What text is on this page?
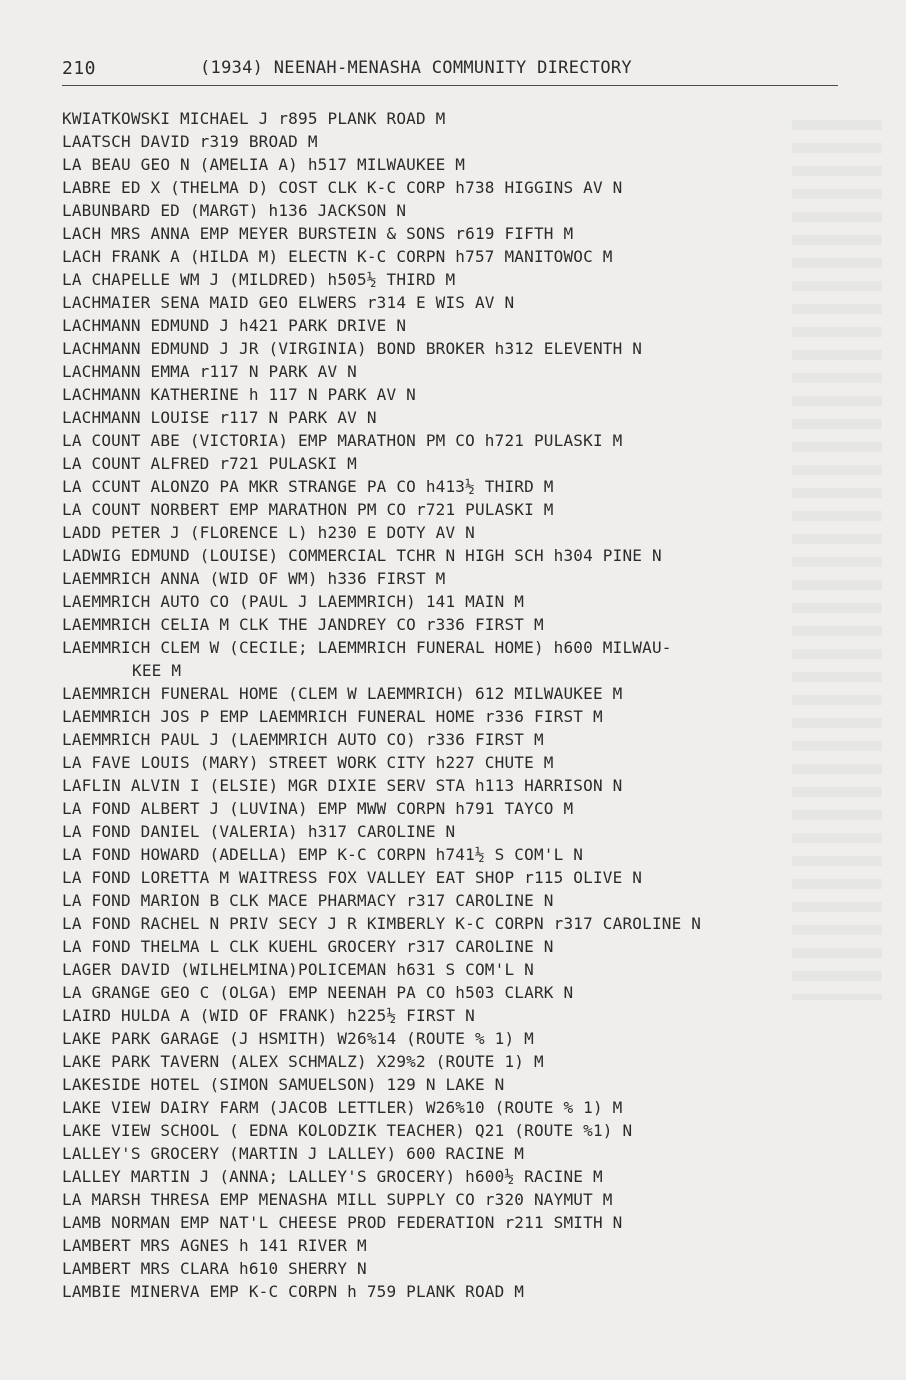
210	(1934) NEENAH-MENASHA COMMUNITY DIRECTORY
KWIATKOWSKI MICHAEL J r895 PLANK ROAD M
LAATSCH DAVID r319 BROAD M
LA BEAU GEO N (AMELIA A) h517 MILWAUKEE M
LABRE ED X (THELMA D) COST CLK K-C CORP h738 HIGGINS AV N
LABUNBARD ED (MARGT) h136 JACKSON N
LACH MRS ANNA EMP MEYER BURSTEIN & SONS r619 FIFTH M
LACH FRANK A (HILDA M) ELECTN K-C CORPN h757 MANITOWOC M
LA CHAPELLE WM J (MILDRED) h505½ THIRD M
LACHMAIER SENA MAID GEO ELWERS r314 E WIS AV N
LACHMANN EDMUND J h421 PARK DRIVE N
LACHMANN EDMUND J JR (VIRGINIA) BOND BROKER h312 ELEVENTH N
LACHMANN EMMA r117 N PARK AV N
LACHMANN KATHERINE h 117 N PARK AV N
LACHMANN LOUISE r117 N PARK AV N
LA COUNT ABE (VICTORIA) EMP MARATHON PM CO h721 PULASKI M
LA COUNT ALFRED r721 PULASKI M
LA CCUNT ALONZO PA MKR STRANGE PA CO h413½ THIRD M
LA COUNT NORBERT EMP MARATHON PM CO r721 PULASKI M
LADD PETER J (FLORENCE L) h230 E DOTY AV N
LADWIG EDMUND (LOUISE) COMMERCIAL TCHR N HIGH SCH h304 PINE N
LAEMMRICH ANNA (WID OF WM) h336 FIRST M
LAEMMRICH AUTO CO (PAUL J LAEMMRICH) 141 MAIN M
LAEMMRICH CELIA M CLK THE JANDREY CO r336 FIRST M
LAEMMRICH CLEM W (CECILE; LAEMMRICH FUNERAL HOME) h600 MILWAU-
KEE M
LAEMMRICH FUNERAL HOME (CLEM W LAEMMRICH) 612 MILWAUKEE M
LAEMMRICH JOS P EMP LAEMMRICH FUNERAL HOME r336 FIRST M
LAEMMRICH PAUL J (LAEMMRICH AUTO CO) r336 FIRST M
LA FAVE LOUIS (MARY) STREET WORK CITY h227 CHUTE M
LAFLIN ALVIN I (ELSIE) MGR DIXIE SERV STA h113 HARRISON N
LA FOND ALBERT J (LUVINA) EMP MWW CORPN h791 TAYCO M
LA FOND DANIEL (VALERIA) h317 CAROLINE N
LA FOND HOWARD (ADELLA) EMP K-C CORPN h741½ S COM'L N
LA FOND LORETTA M WAITRESS FOX VALLEY EAT SHOP r115 OLIVE N
LA FOND MARION B CLK MACE PHARMACY r317 CAROLINE N
LA FOND RACHEL N PRIV SECY J R KIMBERLY K-C CORPN r317 CAROLINE N
LA FOND THELMA L CLK KUEHL GROCERY r317 CAROLINE N
LAGER DAVID (WILHELMINA)POLICEMAN h631 S COM'L N
LA GRANGE GEO C (OLGA) EMP NEENAH PA CO h503 CLARK N
LAIRD HULDA A (WID OF FRANK) h225½ FIRST N
LAKE PARK GARAGE (J HSMITH) W26%14 (ROUTE % 1) M
LAKE PARK TAVERN (ALEX SCHMALZ) X29%2 (ROUTE 1) M
LAKESIDE HOTEL (SIMON SAMUELSON) 129 N LAKE N
LAKE VIEW DAIRY FARM (JACOB LETTLER) W26%10 (ROUTE % 1) M
LAKE VIEW SCHOOL ( EDNA KOLODZIK TEACHER) Q21 (ROUTE %1) N
LALLEY'S GROCERY (MARTIN J LALLEY) 600 RACINE M
LALLEY MARTIN J (ANNA; LALLEY'S GROCERY) h600½ RACINE M
LA MARSH THRESA EMP MENASHA MILL SUPPLY CO r320 NAYMUT M
LAMB NORMAN EMP NAT'L CHEESE PROD FEDERATION r211 SMITH N
LAMBERT MRS AGNES h 141 RIVER M
LAMBERT MRS CLARA h610 SHERRY N
LAMBIE MINERVA EMP K-C CORPN h 759 PLANK ROAD M
